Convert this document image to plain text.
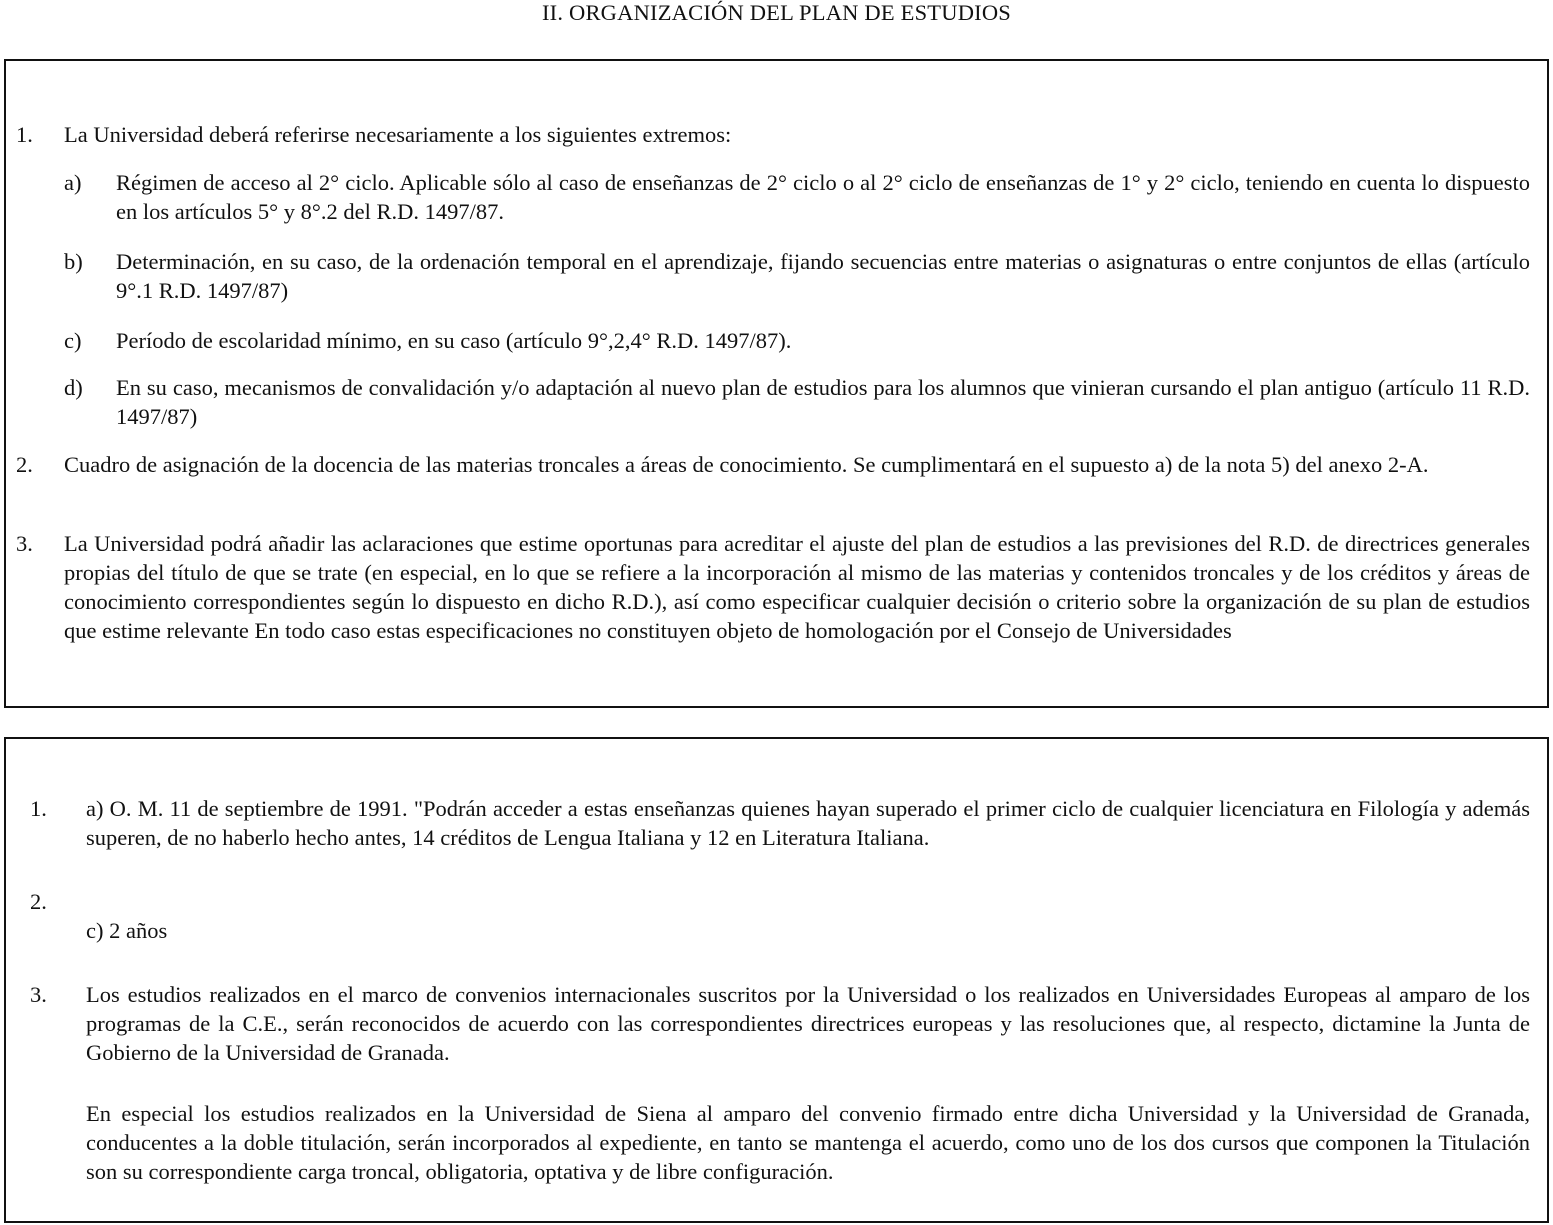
II. ORGANIZACIÓN DEL PLAN DE ESTUDIOS

1. La Universidad deberá referirse necesariamente a los siguientes extremos:

a) Régimen de acceso al 2° ciclo. Aplicable sólo al caso de enseñanzas de 2° ciclo o al 2° ciclo de enseñanzas de 1° y 2° ciclo, teniendo en cuenta lo dispuesto en los artículos 5° y 8°.2 del R.D. 1497/87.

b) Determinación, en su caso, de la ordenación temporal en el aprendizaje, fijando secuencias entre materias o asignaturas o entre conjuntos de ellas (artículo 9°.1 R.D. 1497/87)

c) Período de escolaridad mínimo, en su caso (artículo 9°,2,4° R.D. 1497/87).

d) En su caso, mecanismos de convalidación y/o adaptación al nuevo plan de estudios para los alumnos que vinieran cursando el plan antiguo (artículo 11 R.D. 1497/87)

2. Cuadro de asignación de la docencia de las materias troncales a áreas de conocimiento. Se cumplimentará en el supuesto a) de la nota 5) del anexo 2-A.

3. La Universidad podrá añadir las aclaraciones que estime oportunas para acreditar el ajuste del plan de estudios a las previsiones del R.D. de directrices generales propias del título de que se trate (en especial, en lo que se refiere a la incorporación al mismo de las materias y contenidos troncales y de los créditos y áreas de conocimiento correspondientes según lo dispuesto en dicho R.D.), así como especificar cualquier decisión o criterio sobre la organización de su plan de estudios que estime relevante En todo caso estas especificaciones no constituyen objeto de homologación por el Consejo de Universidades

1. a) O. M. 11 de septiembre de 1991. "Podrán acceder a estas enseñanzas quienes hayan superado el primer ciclo de cualquier licenciatura en Filología y además superen, de no haberlo hecho antes, 14 créditos de Lengua Italiana y 12 en Literatura Italiana.

2.

c) 2 años

3. Los estudios realizados en el marco de convenios internacionales suscritos por la Universidad o los realizados en Universidades Europeas al amparo de los programas de la C.E., serán reconocidos de acuerdo con las correspondientes directrices europeas y las resoluciones que, al respecto, dictamine la Junta de Gobierno de la Universidad de Granada.

En especial los estudios realizados en la Universidad de Siena al amparo del convenio firmado entre dicha Universidad y la Universidad de Granada, conducentes a la doble titulación, serán incorporados al expediente, en tanto se mantenga el acuerdo, como uno de los dos cursos que componen la Titulación son su correspondiente carga troncal, obligatoria, optativa y de libre configuración.
